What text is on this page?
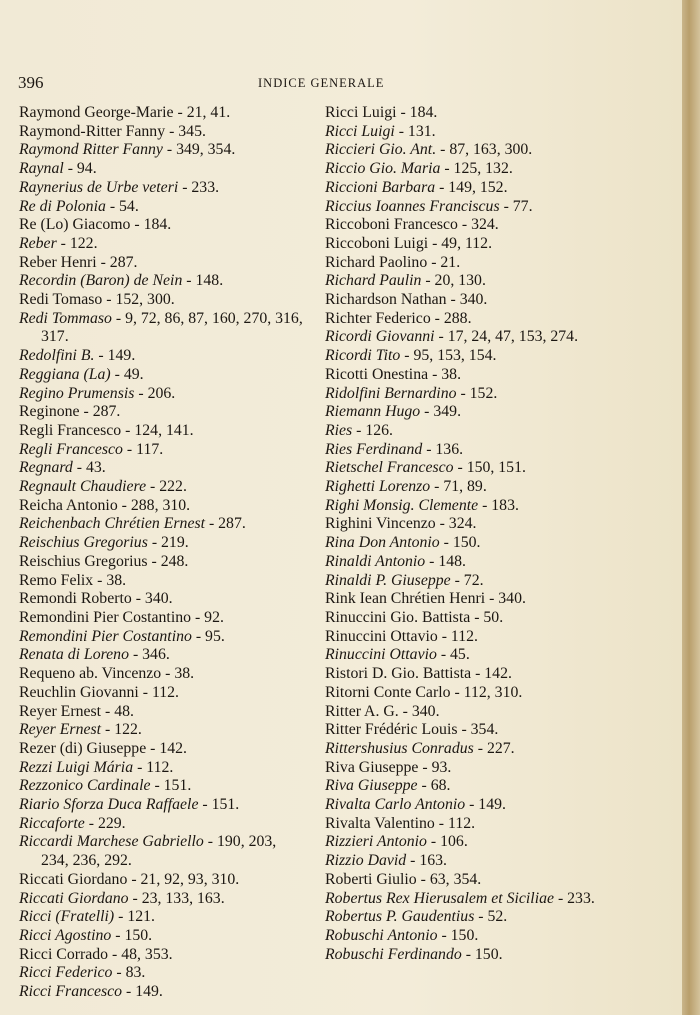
396	INDICE GENERALE
Raymond George-Marie - 21, 41.
Raymond-Ritter Fanny - 345.
Raymond Ritter Fanny - 349, 354.
Raynal - 94.
Raynerius de Urbe veteri - 233.
Re di Polonia - 54.
Re (Lo) Giacomo - 184.
Reber - 122.
Reber Henri - 287.
Recordin (Baron) de Nein - 148.
Redi Tomaso - 152, 300.
Redi Tommaso - 9, 72, 86, 87, 160, 270, 316, 317.
Redolfini B. - 149.
Reggiana (La) - 49.
Regino Prumensis - 206.
Reginone - 287.
Regli Francesco - 124, 141.
Regli Francesco - 117.
Regnard - 43.
Regnault Chaudiere - 222.
Reicha Antonio - 288, 310.
Reichenbach Chrétien Ernest - 287.
Reischius Gregorius - 219.
Reischius Gregorius - 248.
Remo Felix - 38.
Remondi Roberto - 340.
Remondini Pier Costantino - 92.
Remondini Pier Costantino - 95.
Renata di Loreno - 346.
Requeno ab. Vincenzo - 38.
Reuchlin Giovanni - 112.
Reyer Ernest - 48.
Reyer Ernest - 122.
Rezer (di) Giuseppe - 142.
Rezzi Luigi Mária - 112.
Rezzonico Cardinale - 151.
Riario Sforza Duca Raffaele - 151.
Riccaforte - 229.
Riccardi Marchese Gabriello - 190, 203, 234, 236, 292.
Riccati Giordano - 21, 92, 93, 310.
Riccati Giordano - 23, 133, 163.
Ricci (Fratelli) - 121.
Ricci Agostino - 150.
Ricci Corrado - 48, 353.
Ricci Federico - 83.
Ricci Francesco - 149.
Ricci Luigi - 184.
Ricci Luigi - 131.
Riccieri Gio. Ant. - 87, 163, 300.
Riccio Gio. Maria - 125, 132.
Riccioni Barbara - 149, 152.
Riccius Ioannes Franciscus - 77.
Riccoboni Francesco - 324.
Riccoboni Luigi - 49, 112.
Richard Paolino - 21.
Richard Paulin - 20, 130.
Richardson Nathan - 340.
Richter Federico - 288.
Ricordi Giovanni - 17, 24, 47, 153, 274.
Ricordi Tito - 95, 153, 154.
Ricotti Onestina - 38.
Ridolfini Bernardino - 152.
Riemann Hugo - 349.
Ries - 126.
Ries Ferdinand - 136.
Rietschel Francesco - 150, 151.
Righetti Lorenzo - 71, 89.
Righi Monsig. Clemente - 183.
Righini Vincenzo - 324.
Rina Don Antonio - 150.
Rinaldi Antonio - 148.
Rinaldi P. Giuseppe - 72.
Rink Iean Chrétien Henri - 340.
Rinuccini Gio. Battista - 50.
Rinuccini Ottavio - 112.
Rinuccini Ottavio - 45.
Ristori D. Gio. Battista - 142.
Ritorni Conte Carlo - 112, 310.
Ritter A. G. - 340.
Ritter Frédéric Louis - 354.
Rittershusius Conradus - 227.
Riva Giuseppe - 93.
Riva Giuseppe - 68.
Rivalta Carlo Antonio - 149.
Rivalta Valentino - 112.
Rizzieri Antonio - 106.
Rizzio David - 163.
Roberti Giulio - 63, 354.
Robertus Rex Hierusalem et Siciliae - 233.
Robertus P. Gaudentius - 52.
Robuschi Antonio - 150.
Robuschi Ferdinando - 150.
